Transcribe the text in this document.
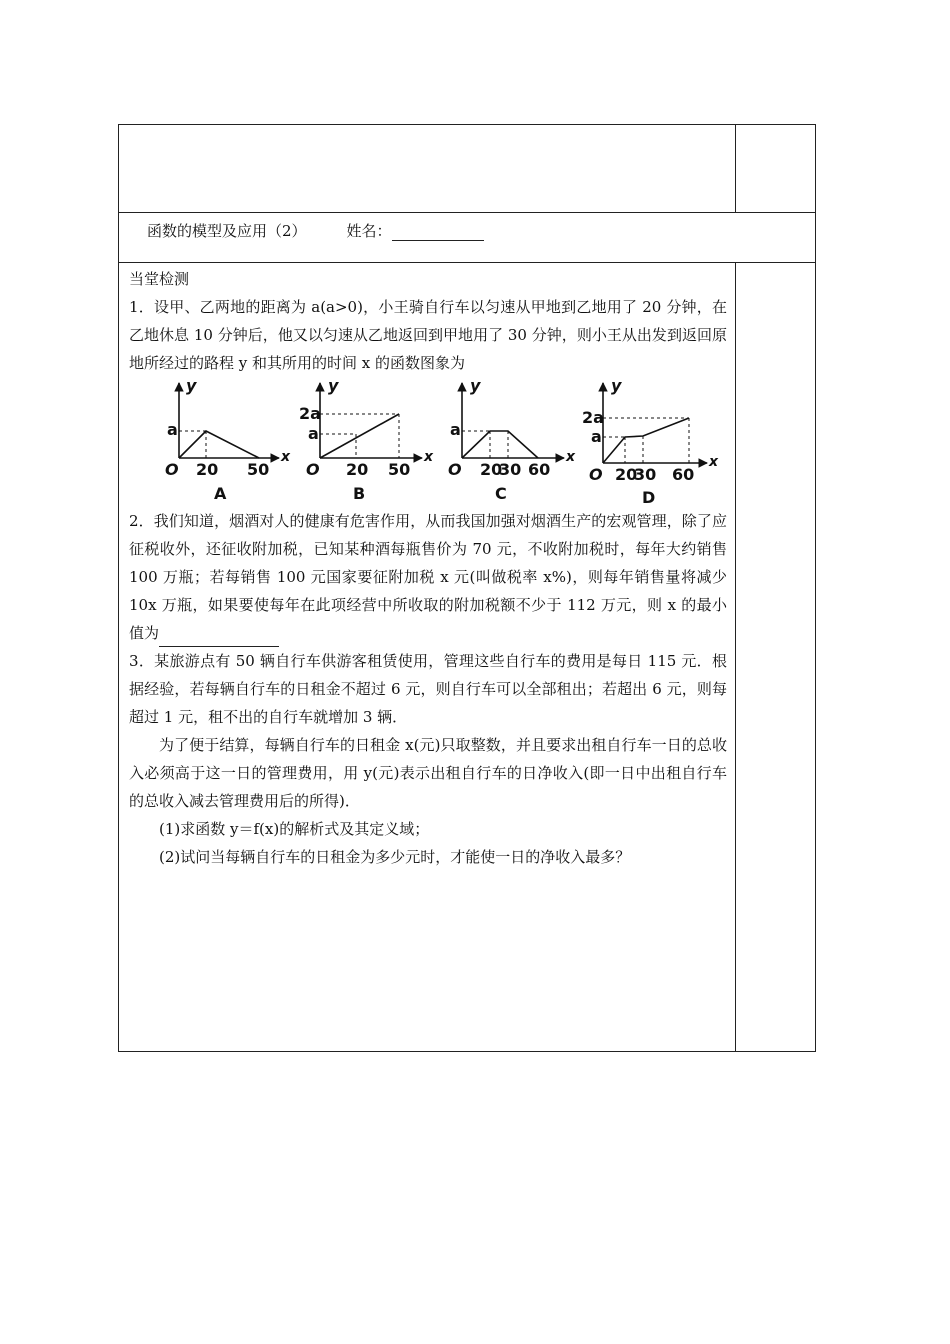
函数的模型及应用（2）	姓名：

当堂检测

1．设甲、乙两地的距离为 a(a>0)，小王骑自行车以匀速从甲地到乙地用了 20 分钟，在乙地休息 10 分钟后，他又以匀速从乙地返回到甲地用了 30 分钟，则小王从出发到返回原地所经过的路程 y 和其所用的时间 x 的函数图象为

y
x
a
O 20 50
A
y
x
2a
a
O 20 50
B
y
x
a
O 20
30 60
C
y
x
2a
a
O 20
30 60
D

2．我们知道，烟酒对人的健康有危害作用，从而我国加强对烟酒生产的宏观管理，除了应征税收外，还征收附加税，已知某种酒每瓶售价为 70 元，不收附加税时，每年大约销售 100 万瓶；若每销售 100 元国家要征附加税 x 元(叫做税率 x%)，则每年销售量将减少 10x 万瓶，如果要使每年在此项经营中所收取的附加税额不少于 112 万元，则 x 的最小值为

3．某旅游点有 50 辆自行车供游客租赁使用，管理这些自行车的费用是每日 115 元．根据经验，若每辆自行车的日租金不超过 6 元，则自行车可以全部租出；若超出 6 元，则每超过 1 元，租不出的自行车就增加 3 辆．

为了便于结算，每辆自行车的日租金 x(元)只取整数，并且要求出租自行车一日的总收入必须高于这一日的管理费用，用 y(元)表示出租自行车的日净收入(即一日中出租自行车的总收入减去管理费用后的所得)．

(1)求函数 y＝f(x)的解析式及其定义域；

(2)试问当每辆自行车的日租金为多少元时，才能使一日的净收入最多？
